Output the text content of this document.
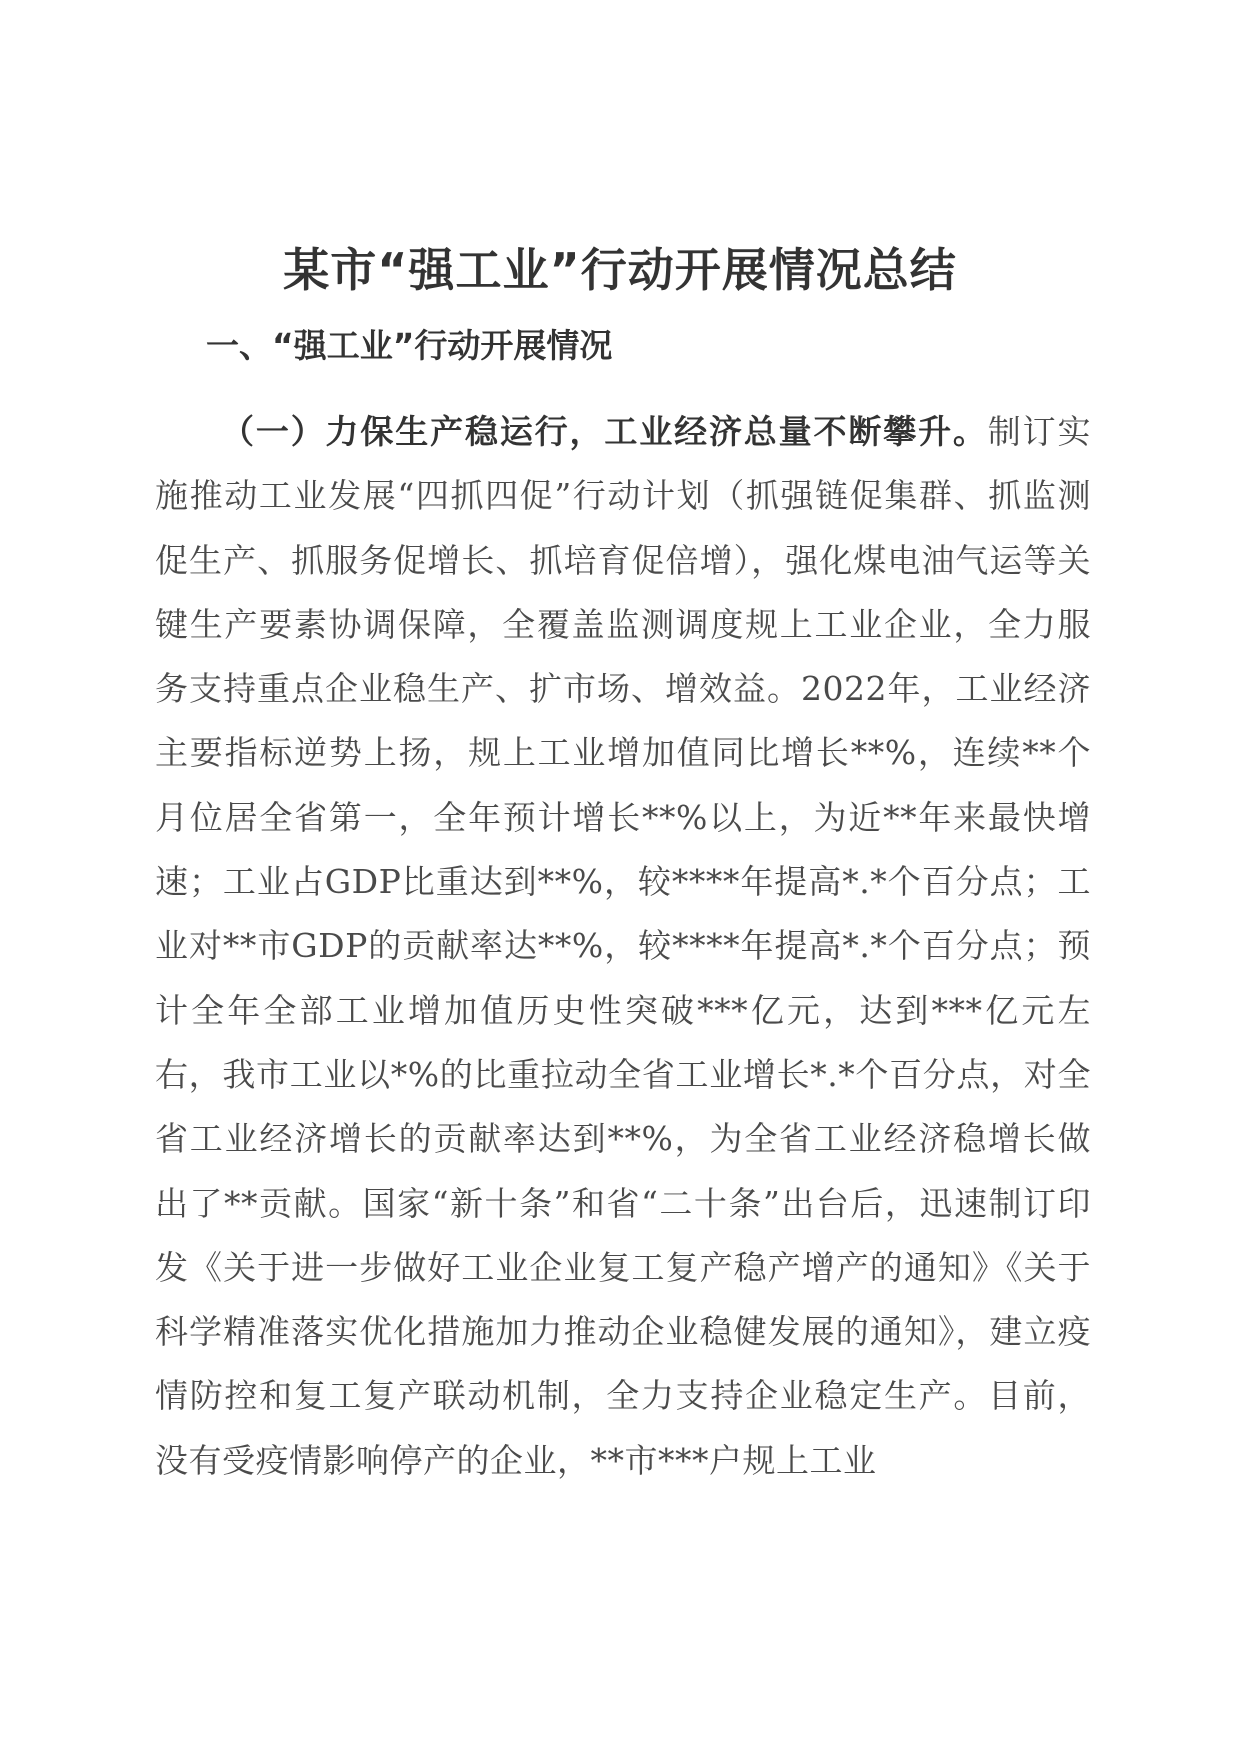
某市“强工业”行动开展情况总结
一、“强工业”行动开展情况

（一）力保生产稳运行，工业经济总量不断攀升。制订实施推动工业发展“四抓四促”行动计划（抓强链促集群、抓监测促生产、抓服务促增长、抓培育促倍增），强化煤电油气运等关键生产要素协调保障，全覆盖监测调度规上工业企业，全力服务支持重点企业稳生产、扩市场、增效益。2022年，工业经济主要指标逆势上扬，规上工业增加值同比增长**%，连续**个月位居全省第一，全年预计增长**%以上，为近**年来最快增速；工业占GDP比重达到**%，较****年提高*.*个百分点；工业对**市GDP的贡献率达**%，较****年提高*.*个百分点；预计全年全部工业增加值历史性突破***亿元，达到***亿元左右，我市工业以*%的比重拉动全省工业增长*.*个百分点，对全省工业经济增长的贡献率达到**%，为全省工业经济稳增长做出了**贡献。国家“新十条”和省“二十条”出台后，迅速制订印发《关于进一步做好工业企业复工复产稳产增产的通知》《关于科学精准落实优化措施加力推动企业稳健发展的通知》，建立疫情防控和复工复产联动机制，全力支持企业稳定生产。目前，没有受疫情影响停产的企业，**市***户规上工业
